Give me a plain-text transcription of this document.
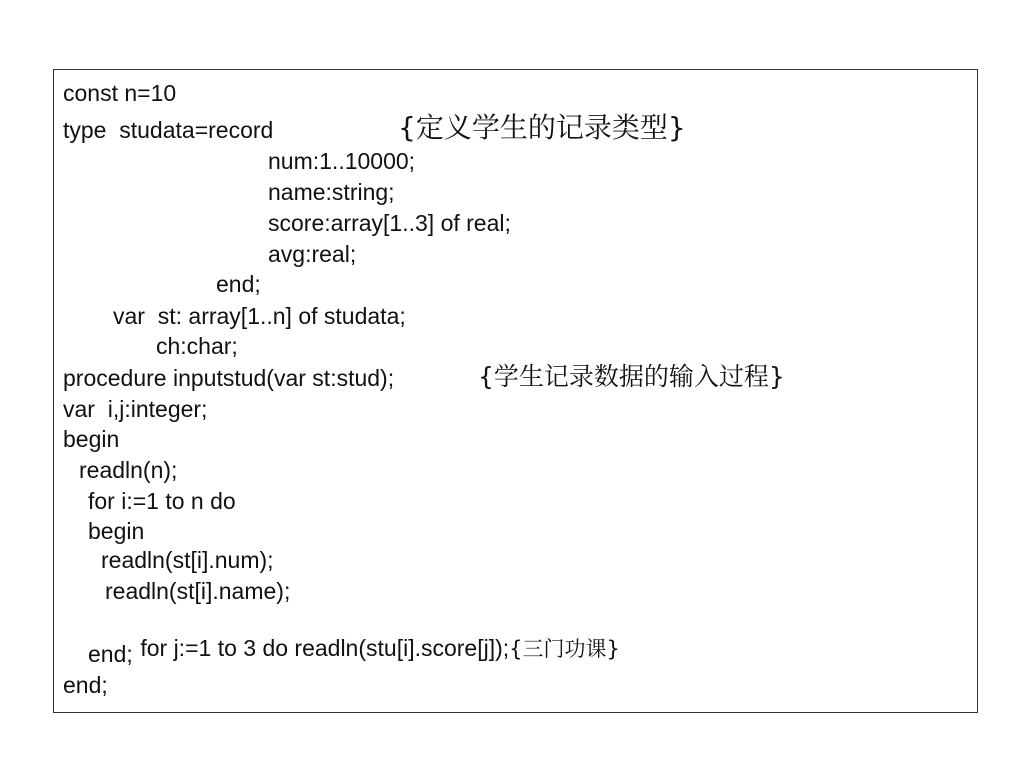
const n=10
type  studata=record	{定义学生的记录类型}
num:1..10000;
name:string;
score:array[1..3] of real;
avg:real;
end;
var  st: array[1..n] of studata;
ch:char;
procedure inputstud(var st:stud);	{学生记录数据的输入过程}
var  i,j:integer;
begin
readln(n);
for i:=1 to n do
begin
readln(st[i].num);
readln(st[i].name);

for j:=1 to 3 do readln(stu[i].score[j]);{三门功课}

end;
end;
